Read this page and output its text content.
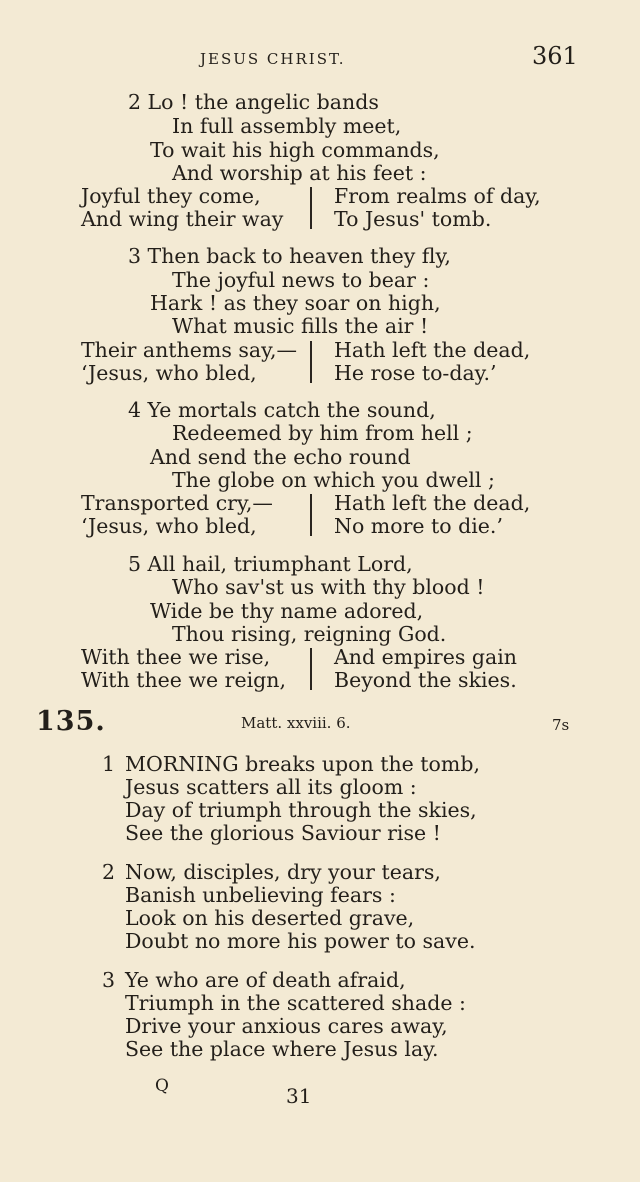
JESUS CHRIST.	361
2 Lo ! the angelic bands
In full assembly meet,
To wait his high commands,
And worship at his feet :
Joyful they come,
And wing their way
From realms of day,
To Jesus' tomb.
3 Then back to heaven they fly,
The joyful news to bear :
Hark ! as they soar on high,
What music fills the air !
Their anthems say,—
‘Jesus, who bled,
Hath left the dead,
He rose to-day.’
4 Ye mortals catch the sound,
Redeemed by him from hell ;
And send the echo round
The globe on which you dwell ;
Transported cry,—
‘Jesus, who bled,
Hath left the dead,
No more to die.’
5 All hail, triumphant Lord,
Who sav'st us with thy blood !
Wide be thy name adored,
Thou rising, reigning God.
With thee we rise,
With thee we reign,
And empires gain
Beyond the skies.
135.	Matt. xxviii. 6.	7s
1 MORNING breaks upon the tomb,
Jesus scatters all its gloom :
Day of triumph through the skies,
See the glorious Saviour rise !
2 Now, disciples, dry your tears,
Banish unbelieving fears :
Look on his deserted grave,
Doubt no more his power to save.
3 Ye who are of death afraid,
Triumph in the scattered shade :
Drive your anxious cares away,
See the place where Jesus lay.
Q	31
